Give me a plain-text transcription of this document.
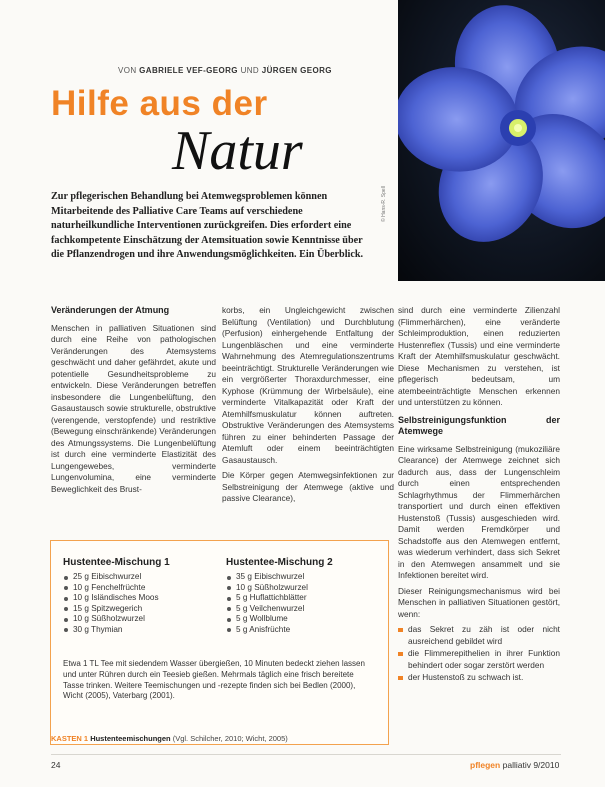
© Hans-R. Spell
VON GABRIELE VEF-GEORG UND JÜRGEN GEORG
Hilfe aus der
Natur
Zur pflegerischen Behandlung bei Atemwegsproblemen können Mitarbeitende des Palliative Care Teams auf verschiedene naturheilkundliche Interventionen zurückgreifen. Dies erfordert eine fachkompetente Einschätzung der Atemsituation sowie Kenntnisse über die Pflanzendrogen und ihre Anwendungsmöglichkeiten. Ein Überblick.
Veränderungen der Atmung

Menschen in palliativen Situationen sind durch eine Reihe von pathologischen Veränderungen des Atemsystems geschwächt und daher gefährdet, akute und potentielle Gesundheitsprobleme zu entwickeln. Diese Veränderungen betreffen insbesondere die Lungenbelüftung, den Gasaustausch sowie strukturelle, obstruktive (verengende, verstopfende) und restriktive (Bewegung einschränkende) Veränderungen des Atmungssystems. Die Lungenbelüftung ist durch eine verminderte Elastizität des Lungengewebes, verminderte Lungenvolumina, eine verminderte Beweglichkeit des Brust-

korbs, ein Ungleichgewicht zwischen Belüftung (Ventilation) und Durchblutung (Perfusion) einhergehende Entfaltung der Lungenbläschen und eine verminderte Wahrnehmung des Atemregulationszentrums beeinträchtigt. Strukturelle Veränderungen wie ein vergrößerter Thoraxdurchmesser, eine Kyphose (Krümmung der Wirbelsäule), eine verminderte Vitalkapazität oder Kraft der Atemhilfsmuskulatur können auftreten. Obstruktive Veränderungen des Atemsystems führen zu einer behinderten Passage der Atemluft oder einem beeinträchtigten Gasaustausch.

Die Körper gegen Atemwegsinfektionen zur Selbstreinigung der Atemwege (aktive und passive Clearance),

sind durch eine verminderte Zilienzahl (Flimmerhärchen), eine veränderte Schleimproduktion, einen reduzierten Hustenreflex (Tussis) und eine verminderte Kraft der Atemhilfsmuskulatur geschwächt. Diese Mechanismen zu verstehen, ist pflegerisch bedeutsam, um atembeeinträchtigte Menschen erkennen und unterstützen zu können.

Selbstreinigungsfunktion der Atemwege

Eine wirksame Selbstreinigung (mukoziliäre Clearance) der Atemwege zeichnet sich dadurch aus, dass der Lungenschleim durch einen entsprechenden Schlagrhythmus der Flimmerhärchen transportiert und durch einen effektiven Hustenstoß (Tussis) ausgeschieden wird. Damit werden Fremdkörper und Schadstoffe aus den Atemwegen entfernt, was wiederum verhindert, dass sich Sekret in den Atemwegen ansammelt und sie Infektionen bereitet wird.

Dieser Reinigungsmechanismus wird bei Menschen in palliativen Situationen gestört, wenn:

das Sekret zu zäh ist oder nicht ausreichend gebildet wird
die Flimmerepithelien in ihrer Funktion behindert oder sogar zerstört werden
der Hustenstoß zu schwach ist.
Hustentee-Mischung 1
25 g Eibischwurzel
10 g Fenchelfrüchte
10 g Isländisches Moos
15 g Spitzwegerich
10 g Süßholzwurzel
30 g Thymian
Hustentee-Mischung 2
35 g Eibischwurzel
10 g Süßholzwurzel
5 g Huflattichblätter
5 g Veilchenwurzel
5 g Wollblume
5 g Anisfrüchte
Etwa 1 TL Tee mit siedendem Wasser übergießen, 10 Minuten bedeckt ziehen lassen und unter Rühren durch ein Teesieb gießen. Mehrmals täglich eine frisch bereitete Tasse trinken. Weitere Teemischungen und -rezepte finden sich bei Bedlen (2000), Wicht (2005), Vaterbarg (2001).
KASTEN 1 Hustenteemischungen (Vgl. Schilcher, 2010; Wicht, 2005)
24	pflegen palliativ 9/2010
